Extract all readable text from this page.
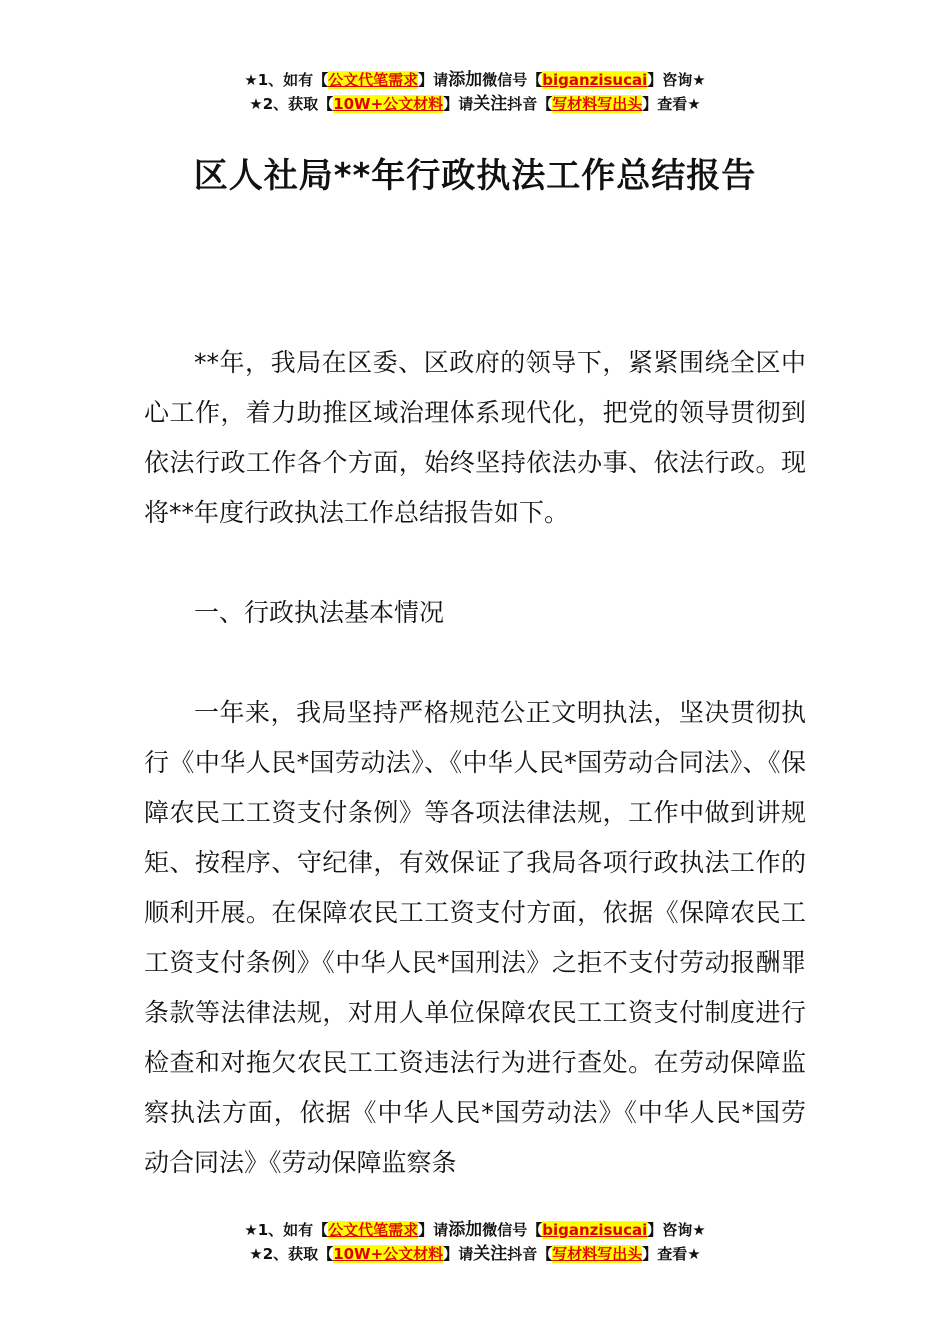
★1、如有【公文代笔需求】请添加微信号【biganzisucai】咨询★
★2、获取【10W+公文材料】请关注抖音【写材料写出头】查看★
区人社局**年行政执法工作总结报告

**年，我局在区委、区政府的领导下，紧紧围绕全区中心工作，着力助推区域治理体系现代化，把党的领导贯彻到依法行政工作各个方面，始终坚持依法办事、依法行政。现将**年度行政执法工作总结报告如下。

一、行政执法基本情况

一年来，我局坚持严格规范公正文明执法，坚决贯彻执行《中华人民*国劳动法》、《中华人民*国劳动合同法》、《保障农民工工资支付条例》等各项法律法规，工作中做到讲规矩、按程序、守纪律，有效保证了我局各项行政执法工作的顺利开展。在保障农民工工资支付方面，依据《保障农民工工资支付条例》《中华人民*国刑法》之拒不支付劳动报酬罪条款等法律法规，对用人单位保障农民工工资支付制度进行检查和对拖欠农民工工资违法行为进行查处。在劳动保障监察执法方面，依据《中华人民*国劳动法》《中华人民*国劳动合同法》《劳动保障监察条

★1、如有【公文代笔需求】请添加微信号【biganzisucai】咨询★
★2、获取【10W+公文材料】请关注抖音【写材料写出头】查看★
